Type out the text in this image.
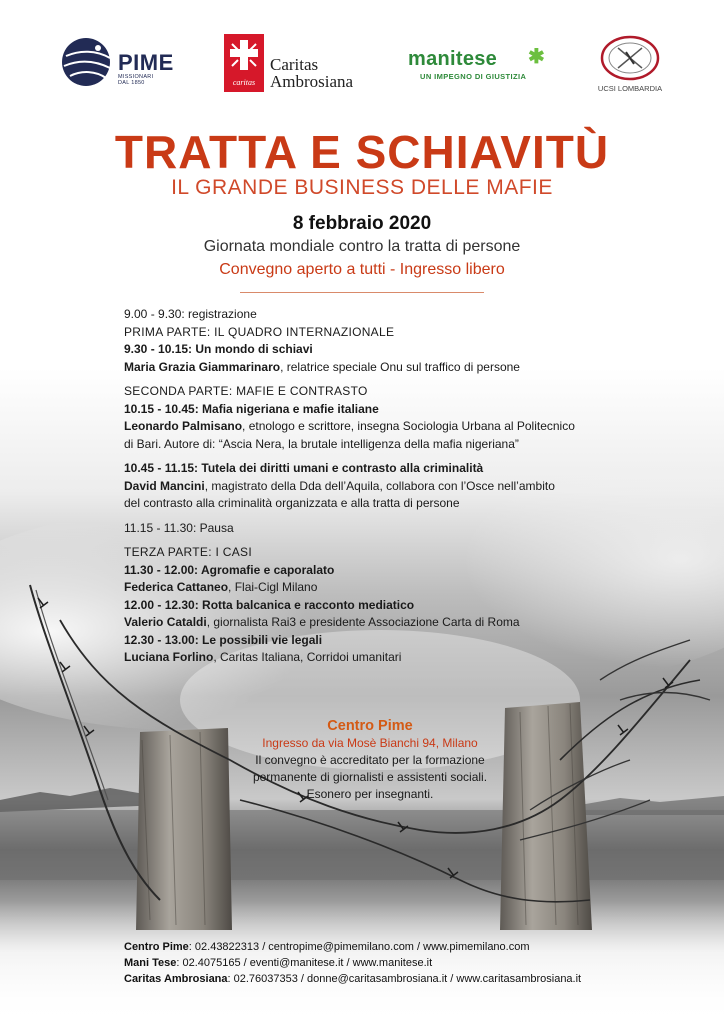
PIME
MISSIONARI DAL 1850	caritas
Caritas
Ambrosiana
manitese ✱
UN IMPEGNO DI GIUSTIZIA
UCSI LOMBARDIA
TRATTA E SCHIAVITÙ
IL GRANDE BUSINESS DELLE MAFIE
8 febbraio 2020
Giornata mondiale contro la tratta di persone
Convegno aperto a tutti - Ingresso libero

9.00 - 9.30: registrazione

PRIMA PARTE: IL QUADRO INTERNAZIONALE

9.30 - 10.15: Un mondo di schiavi

Maria Grazia Giammarinaro, relatrice speciale Onu sul traffico di persone

SECONDA PARTE: MAFIE E CONTRASTO

10.15 - 10.45: Mafia nigeriana e mafie italiane

Leonardo Palmisano, etnologo e scrittore, insegna Sociologia Urbana al Politecnico

di Bari. Autore di: “Ascia Nera, la brutale intelligenza della mafia nigeriana”

10.45 - 11.15: Tutela dei diritti umani e contrasto alla criminalità

David Mancini, magistrato della Dda dell’Aquila, collabora con l’Osce nell’ambito

del contrasto alla criminalità organizzata e alla tratta di persone

11.15 - 11.30: Pausa

TERZA PARTE: I CASI

11.30 - 12.00: Agromafie e caporalato

Federica Cattaneo, Flai-Cigl Milano

12.00 - 12.30: Rotta balcanica e racconto mediatico

Valerio Cataldi, giornalista Rai3 e presidente Associazione Carta di Roma

12.30 - 13.00: Le possibili vie legali

Luciana Forlino, Caritas Italiana, Corridoi umanitari

Centro Pime
Ingresso da via Mosè Bianchi 94, Milano
Il convegno è accreditato per la formazione
permanente di giornalisti e assistenti sociali.
Esonero per insegnanti.

Centro Pime: 02.43822313 / centropime@pimemilano.com / www.pimemilano.com

Mani Tese: 02.4075165 / eventi@manitese.it / www.manitese.it

Caritas Ambrosiana: 02.76037353 / donne@caritasambrosiana.it / www.caritasambrosiana.it
